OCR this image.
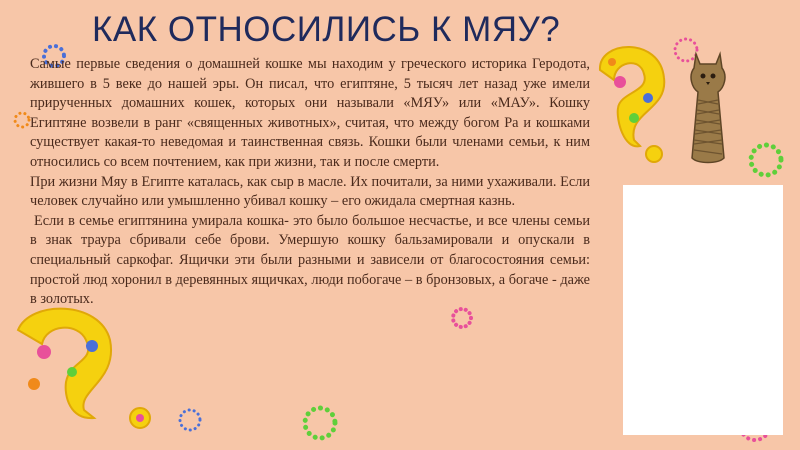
КАК ОТНОСИЛИСЬ К МЯУ?

Самые первые сведения о домашней кошке мы находим у греческого историка Геродота, жившего в 5 веке до нашей эры. Он писал, что египтяне, 5 тысяч лет назад уже имели прирученных домашних кошек, которых они называли «МЯУ» или «МАУ». Кошку Египтяне возвели в ранг «священных животных», считая, что между богом Ра и кошками существует какая-то неведомая и таинственная связь. Кошки были членами семьи, к ним относились со всем почтением, как при жизни, так и после смерти.

При жизни Мяу в Египте каталась, как сыр в масле. Их почитали, за ними ухаживали. Если человек случайно или умышленно убивал кошку – его ожидала смертная казнь.

Если в семье египтянина умирала кошка- это было большое несчастье, и все члены семьи в знак траура сбривали себе брови. Умершую кошку бальзамировали и опускали в специальный саркофаг. Ящички эти были разными и зависели от благосостояния семьи: простой люд хоронил в деревянных ящичках, люди побогаче – в бронзовых, а богаче - даже в золотых.
